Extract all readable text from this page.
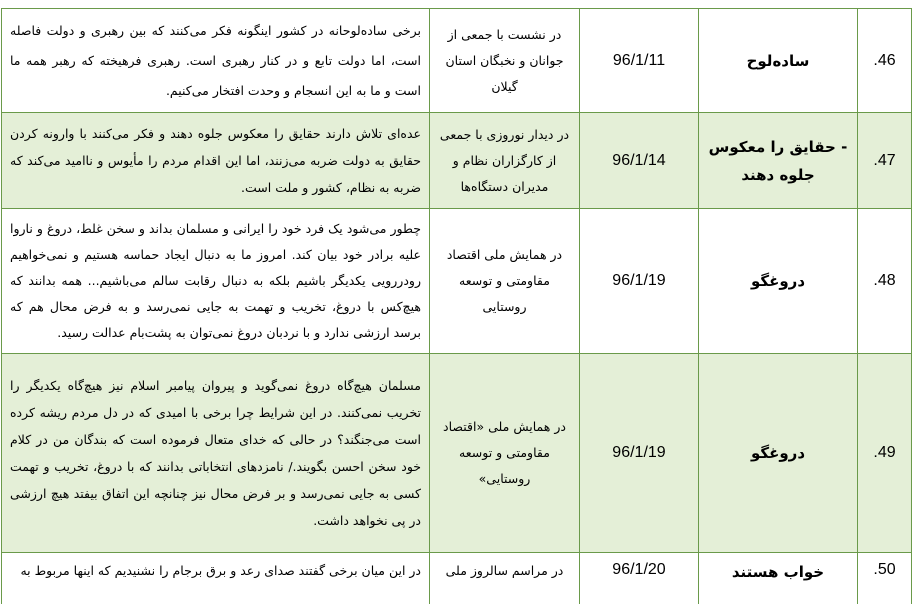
برخی ساده‌لوحانه در کشور اینگونه فکر می‌کنند که بین رهبری و دولت فاصله است، اما دولت تابع و در کنار رهبری است. رهبری فرهیخته که رهبر همه ما است و ما به این انسجام و وحدت افتخار می‌کنیم.	در نشست با جمعی از جوانان و نخبگان استان گیلان	96/1/11	ساده‌لوح	.46

عده‌ای تلاش دارند حقایق را معکوس جلوه دهند و فکر می‌کنند با وارونه کردن حقایق به دولت ضربه می‌زنند، اما این اقدام مردم را مأیوس و ناامید می‌کند که ضربه به نظام، کشور و ملت است.	در دیدار نوروزی با جمعی از کارگزاران نظام و مدیران دستگاه‌ها	96/1/14	- حقایق را معکوس جلوه دهند	.47

چطور می‌شود یک فرد خود را ایرانی و مسلمان بداند و سخن غلط، دروغ و ناروا علیه برادر خود بیان کند. امروز ما به دنبال ایجاد حماسه هستیم و نمی‌خواهیم رودررویی یکدیگر باشیم بلکه به دنبال رقابت سالم می‌باشیم... همه بدانند که هیچ‌کس با دروغ، تخریب و تهمت به جایی نمی‌رسد و به فرض محال هم که برسد ارزشی ندارد و با نردبان دروغ نمی‌توان به پشت‌بام عدالت رسید.	در همایش ملی اقتصاد مقاومتی و توسعه روستایی	96/1/19	دروغگو	.48

مسلمان هیچ‌گاه دروغ نمی‌گوید و پیروان پیامبر اسلام نیز هیچ‌گاه یکدیگر را تخریب نمی‌کنند. در این شرایط چرا برخی با امیدی که در دل مردم ریشه کرده است می‌جنگند؟ در حالی که خدای متعال فرموده است که بندگان من در کلام خود سخن احسن بگویند./ نامزدهای انتخاباتی بدانند که با دروغ، تخریب و تهمت کسی به جایی نمی‌رسد و بر فرض محال نیز چنانچه این اتفاق بیفتد هیچ ارزشی در پی نخواهد داشت.	در همایش ملی «اقتصاد مقاومتی و توسعه روستایی»	96/1/19	دروغگو	.49

در این میان برخی گفتند صدای رعد و برق برجام را نشنیدیم که اینها مربوط به	در مراسم سالروز ملی	96/1/20	خواب هستند	.50
